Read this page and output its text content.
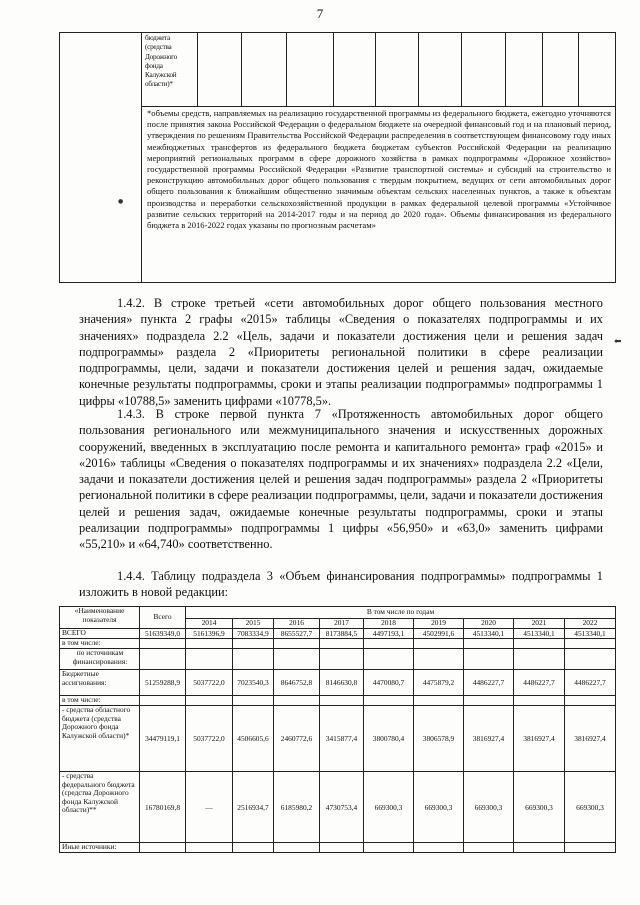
7
	бюджета (средства Дорожного фонда Калужской области)*										
*объемы средств, направляемых на реализацию государственной программы из федерального бюджета, ежегодно уточняются после принятия закона Российской Федерации о федеральном бюджете на очередной финансовый год и на плановый период, утверждения по решениям Правительства Российской Федерации распределения в соответствующем финансовому году иных межбюджетных трансфертов из федерального бюджета бюджетам субъектов Российской Федерации на реализацию мероприятий региональных программ в сфере дорожного хозяйства в рамках подпрограммы «Дорожное хозяйство» государственной программы Российской Федерации «Развитие транспортной системы» и субсидий на строительство и реконструкцию автомобильных дорог общего пользования с твердым покрытием, ведущих от сети автомобильных дорог общего пользования к ближайшим общественно значимым объектам сельских населенных пунктов, а также к объектам производства и переработки сельскохозяйственной продукции в рамках федеральной целевой программы «Устойчивое развитие сельских территорий на 2014-2017 годы и на период до 2020 года». Объемы финансирования из федерального бюджета в 2016-2022 годах указаны по прогнозным расчетам»

1.4.2. В строке третьей «сети автомобильных дорог общего пользования местного значения» пункта 2 графы «2015» таблицы «Сведения о показателях подпрограммы и их значениях» подраздела 2.2 «Цель, задачи и показатели достижения цели и решения задач подпрограммы» раздела 2 «Приоритеты региональной политики в сфере реализации подпрограммы, цели, задачи и показатели достижения целей и решения задач, ожидаемые конечные результаты подпрограммы, сроки и этапы реализации подпрограммы» подпрограммы 1 цифры «10788,5» заменить цифрами «10778,5».

1.4.3. В строке первой пункта 7 «Протяженность автомобильных дорог общего пользования регионального или межмуниципального значения и искусственных дорожных сооружений, введенных в эксплуатацию после ремонта и капитального ремонта» граф «2015» и «2016» таблицы «Сведения о показателях подпрограммы и их значениях» подраздела 2.2 «Цели, задачи и показатели достижения целей и решения задач подпрограммы» раздела 2 «Приоритеты региональной политики в сфере реализации подпрограммы, цели, задачи и показатели достижения целей и решения задач, ожидаемые конечные результаты подпрограммы, сроки и этапы реализации подпрограммы» подпрограммы 1 цифры «56,950» и «63,0» заменить цифрами «55,210» и «64,740» соответственно.

1.4.4. Таблицу подраздела 3 «Объем финансирования подпрограммы» подпрограммы 1 изложить в новой редакции:

⬅
●
«Наименование показателя	Всего	В том числе по годам								
		2014	2015	2016	2017	2018	2019	2020	2021	2022
ВСЕГО	51639349,0	5161396,9	7083334,9	8655527,7	8173884,5	4497193,1	4502991,6	4513340,1	4513340,1	4513340,1
в том числе:										
по источникам финансирования:										
Бюджетные ассигнования:	51259288,9	5037722,0	7023540,3	8646752,8	8146630,8	4470080,7	4475879,2	4486227,7	4486227,7	4486227,7
в том числе:										
- средства областного бюджета (средства Дорожного фонда Калужской области)*	34479119,1	5037722,0	4506605,6	2460772,6	3415877,4	3800780,4	3806578,9	3816927,4	3816927,4	3816927,4
- средства федерального бюджета (средства Дорожного фонда Калужской области)**	16780169,8	—	2516934,7	6185980,2	4730753,4	669300,3	669300,3	669300,3	669300,3	669300,3
Иные источники:										
